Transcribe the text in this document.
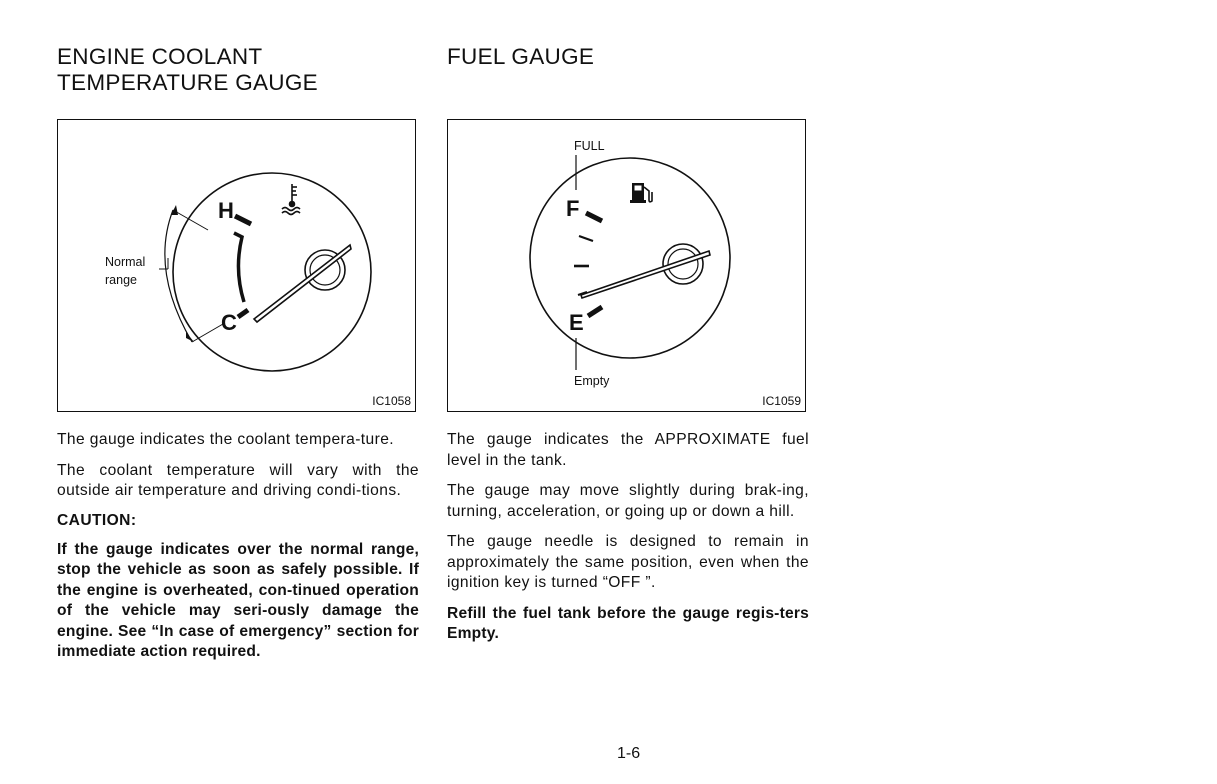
ENGINE COOLANT
TEMPERATURE GAUGE
H
C
Normal
range
IC1058

The gauge indicates the coolant tempera-ture.

The coolant temperature will vary with the outside air temperature and driving condi-tions.

CAUTION:

If the gauge indicates over the normal range, stop the vehicle as soon as safely possible. If the engine is overheated, con-tinued operation of the vehicle may seri-ously damage the engine. See “In case of emergency” section for immediate action required.

FUEL GAUGE
FULL
F
E
Empty
IC1059

The gauge indicates the APPROXIMATE fuel level in the tank.

The gauge may move slightly during brak-ing, turning, acceleration, or going up or down a hill.

The gauge needle is designed to remain in approximately the same position, even when the ignition key is turned “OFF ”.

Refill the fuel tank before the gauge regis-ters Empty.

1-6
